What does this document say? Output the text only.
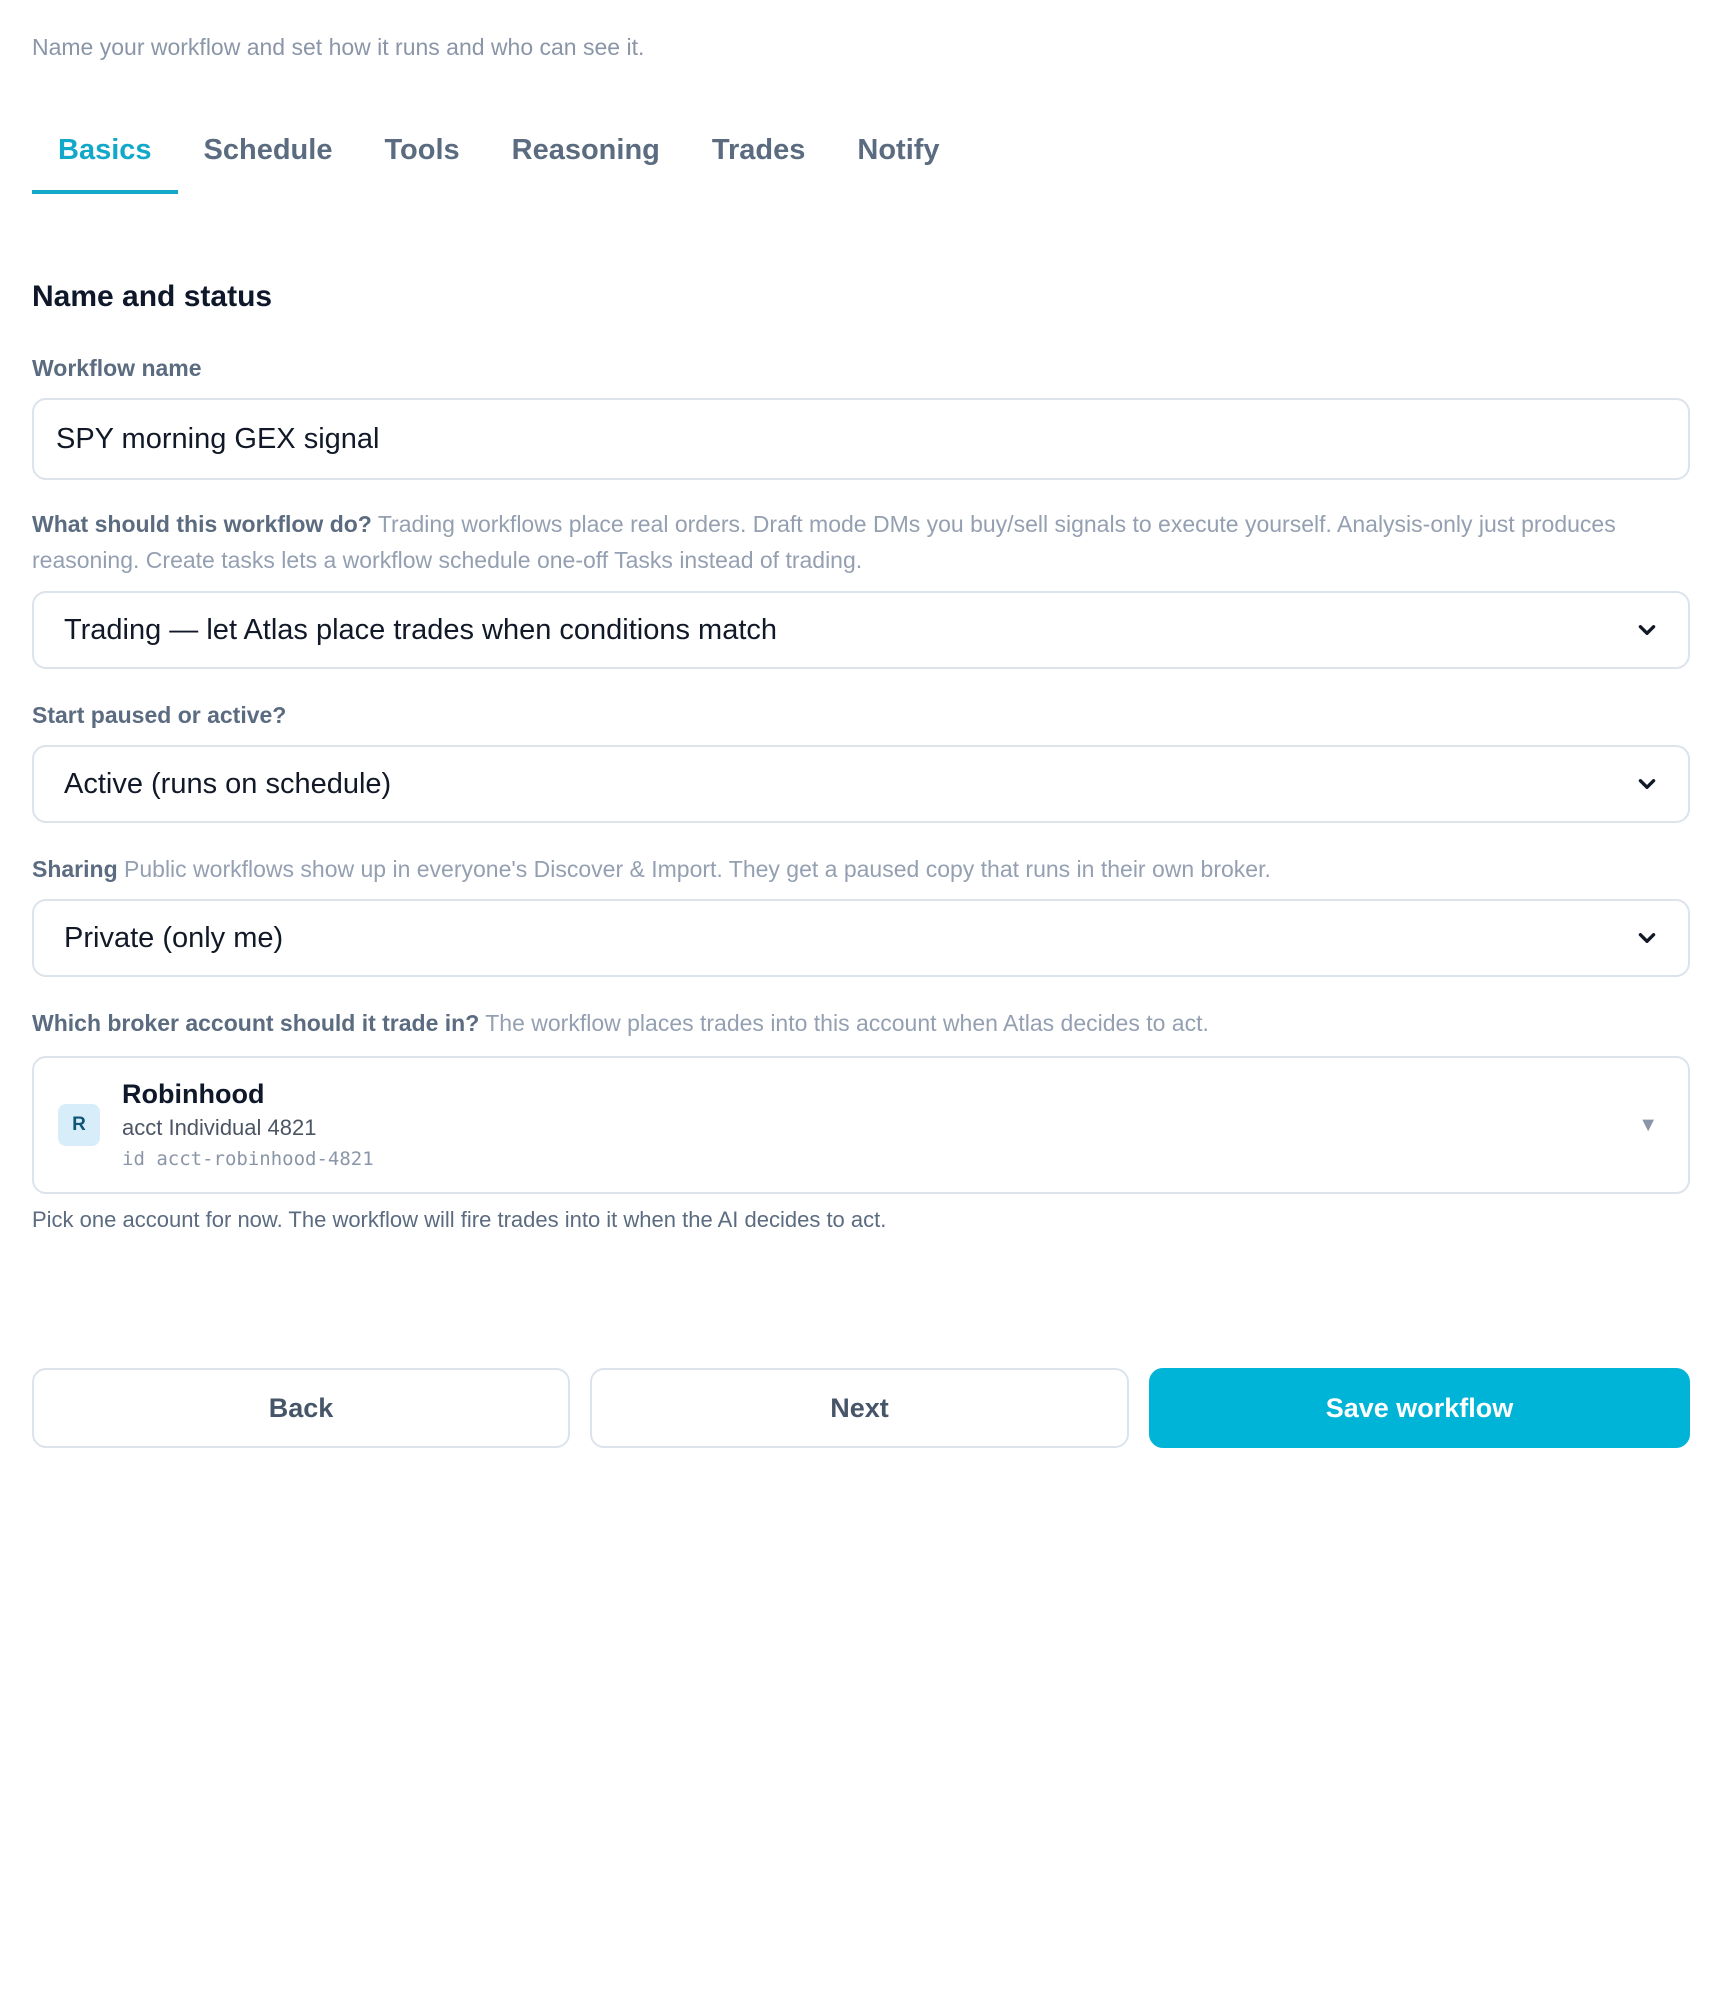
Name your workflow and set how it runs and who can see it.

Basics	Schedule	Tools	Reasoning	Trades	Notify
Name and status

Workflow name

SPY morning GEX signal

What should this workflow do? Trading workflows place real orders. Draft mode DMs you buy/sell signals to execute yourself. Analysis-only just produces reasoning. Create tasks lets a workflow schedule one-off Tasks instead of trading.

Trading — let Atlas place trades when conditions match

Start paused or active?

Active (runs on schedule)

Sharing Public workflows show up in everyone's Discover & Import. They get a paused copy that runs in their own broker.

Private (only me)

Which broker account should it trade in? The workflow places trades into this account when Atlas decides to act.

R
Robinhood
acct Individual 4821
id acct-robinhood-4821
▼

Pick one account for now. The workflow will fire trades into it when the AI decides to act.

Back	Next	Save workflow
